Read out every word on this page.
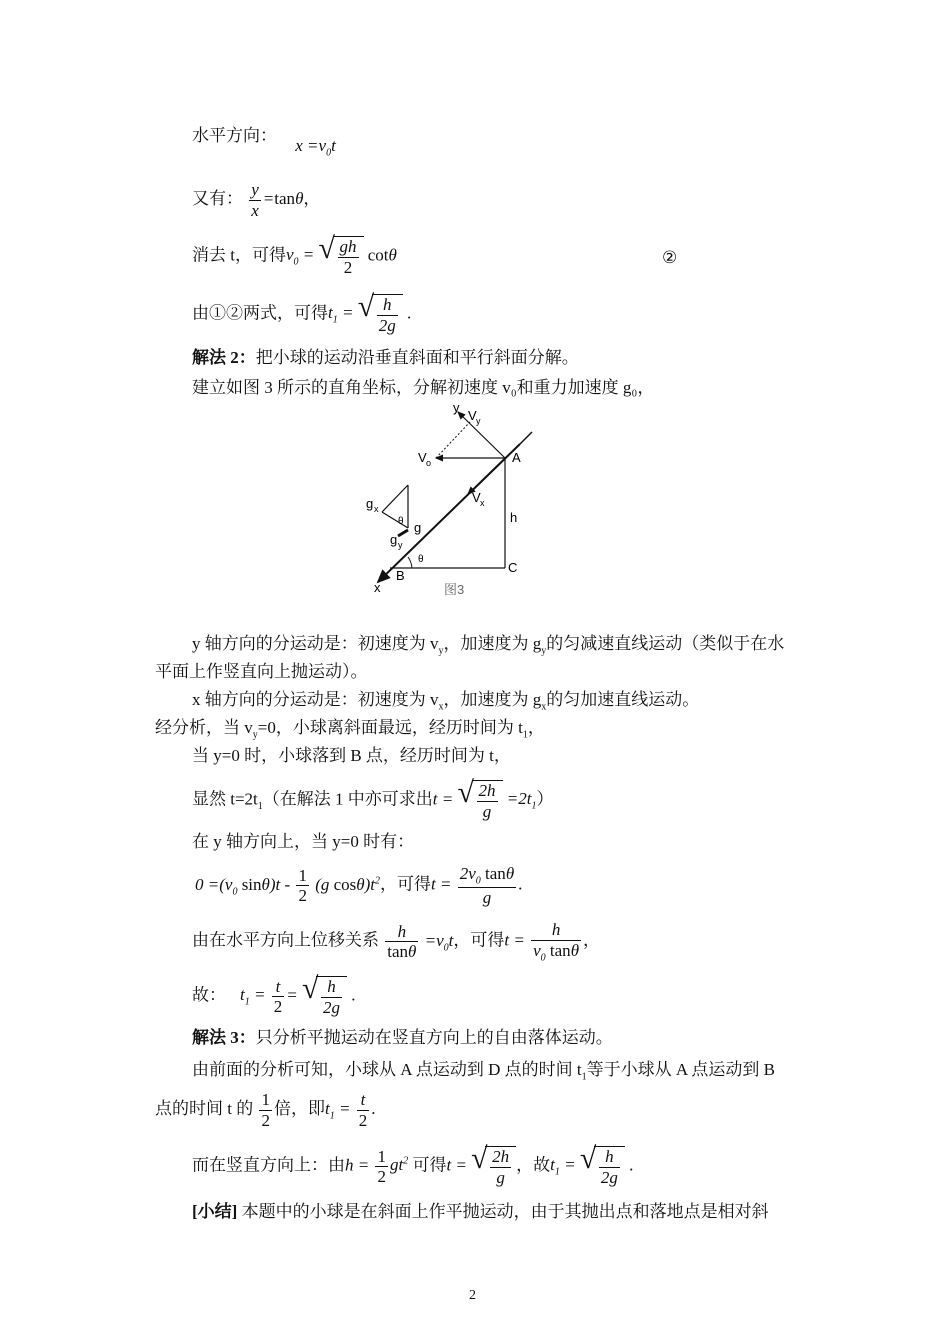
水平方向： $x =v_0t$
又有： $\frac{y}{x} =\tan\theta$，
消去 t，可得$v_0$ = √ $\frac{gh}{2}$ cotθ	②
由①②两式，可得$t_1$ = √ $\frac{h}{2g}$ .
解法 2：把小球的运动沿垂直斜面和平行斜面分解。
建立如图 3 所示的直角坐标，分解初速度 v₀和重力加速度 g₀，
y
V y
V o	A
V x
h
g x
θ g
g y
θ
x
B
C
图3
y 轴方向的分运动是：初速度为 $v_y$，加速度为 $g_y$的匀减速直线运动（类似于在水
平面上作竖直向上抛运动）。
x 轴方向的分运动是：初速度为 $v_x$，加速度为 $g_x$的匀加速直线运动。
经分析，当 $v_y=0$，小球离斜面最远，经历时间为 $t_1$，
当 y=0 时，小球落到 B 点，经历时间为 t，
显然 $t=2t_1$（在解法 1 中亦可求出t = √ $\frac{2h}{g} =2t_1$）
在 y 轴方向上，当 y=0 时有：
$0 =(v_0$ $\sin\theta)t - \frac{1}{2} (g$ $\cos\theta)t^2$，可得$t = \frac{2v_0 \tan\theta}{g}$ .
由在水平方向上位移关系 $\frac{h}{\tan\theta} =v_0t$，可得$t = \frac{h}{v_0 \tan\theta}$ ，
故： $t_1 = \frac{t}{2}$ = √ $\frac{h}{2g}$ .
解法 3：只分析平抛运动在竖直方向上的自由落体运动。
由前面的分析可知，小球从 A 点运动到 D 点的时间 $t_1$等于小球从 A 点运动到 B
点的时间 t 的 $\frac{1}{2}$ 倍，即$t_1 = \frac{t}{2}$ .
而在竖直方向上：由$h = \frac{1}{2} gt^2$ 可得t = √ $\frac{2h}{g}$ ，故$t_1$ = √ $\frac{h}{2g}$ .
[小结] 本题中的小球是在斜面上作平抛运动，由于其抛出点和落地点是相对斜
2
